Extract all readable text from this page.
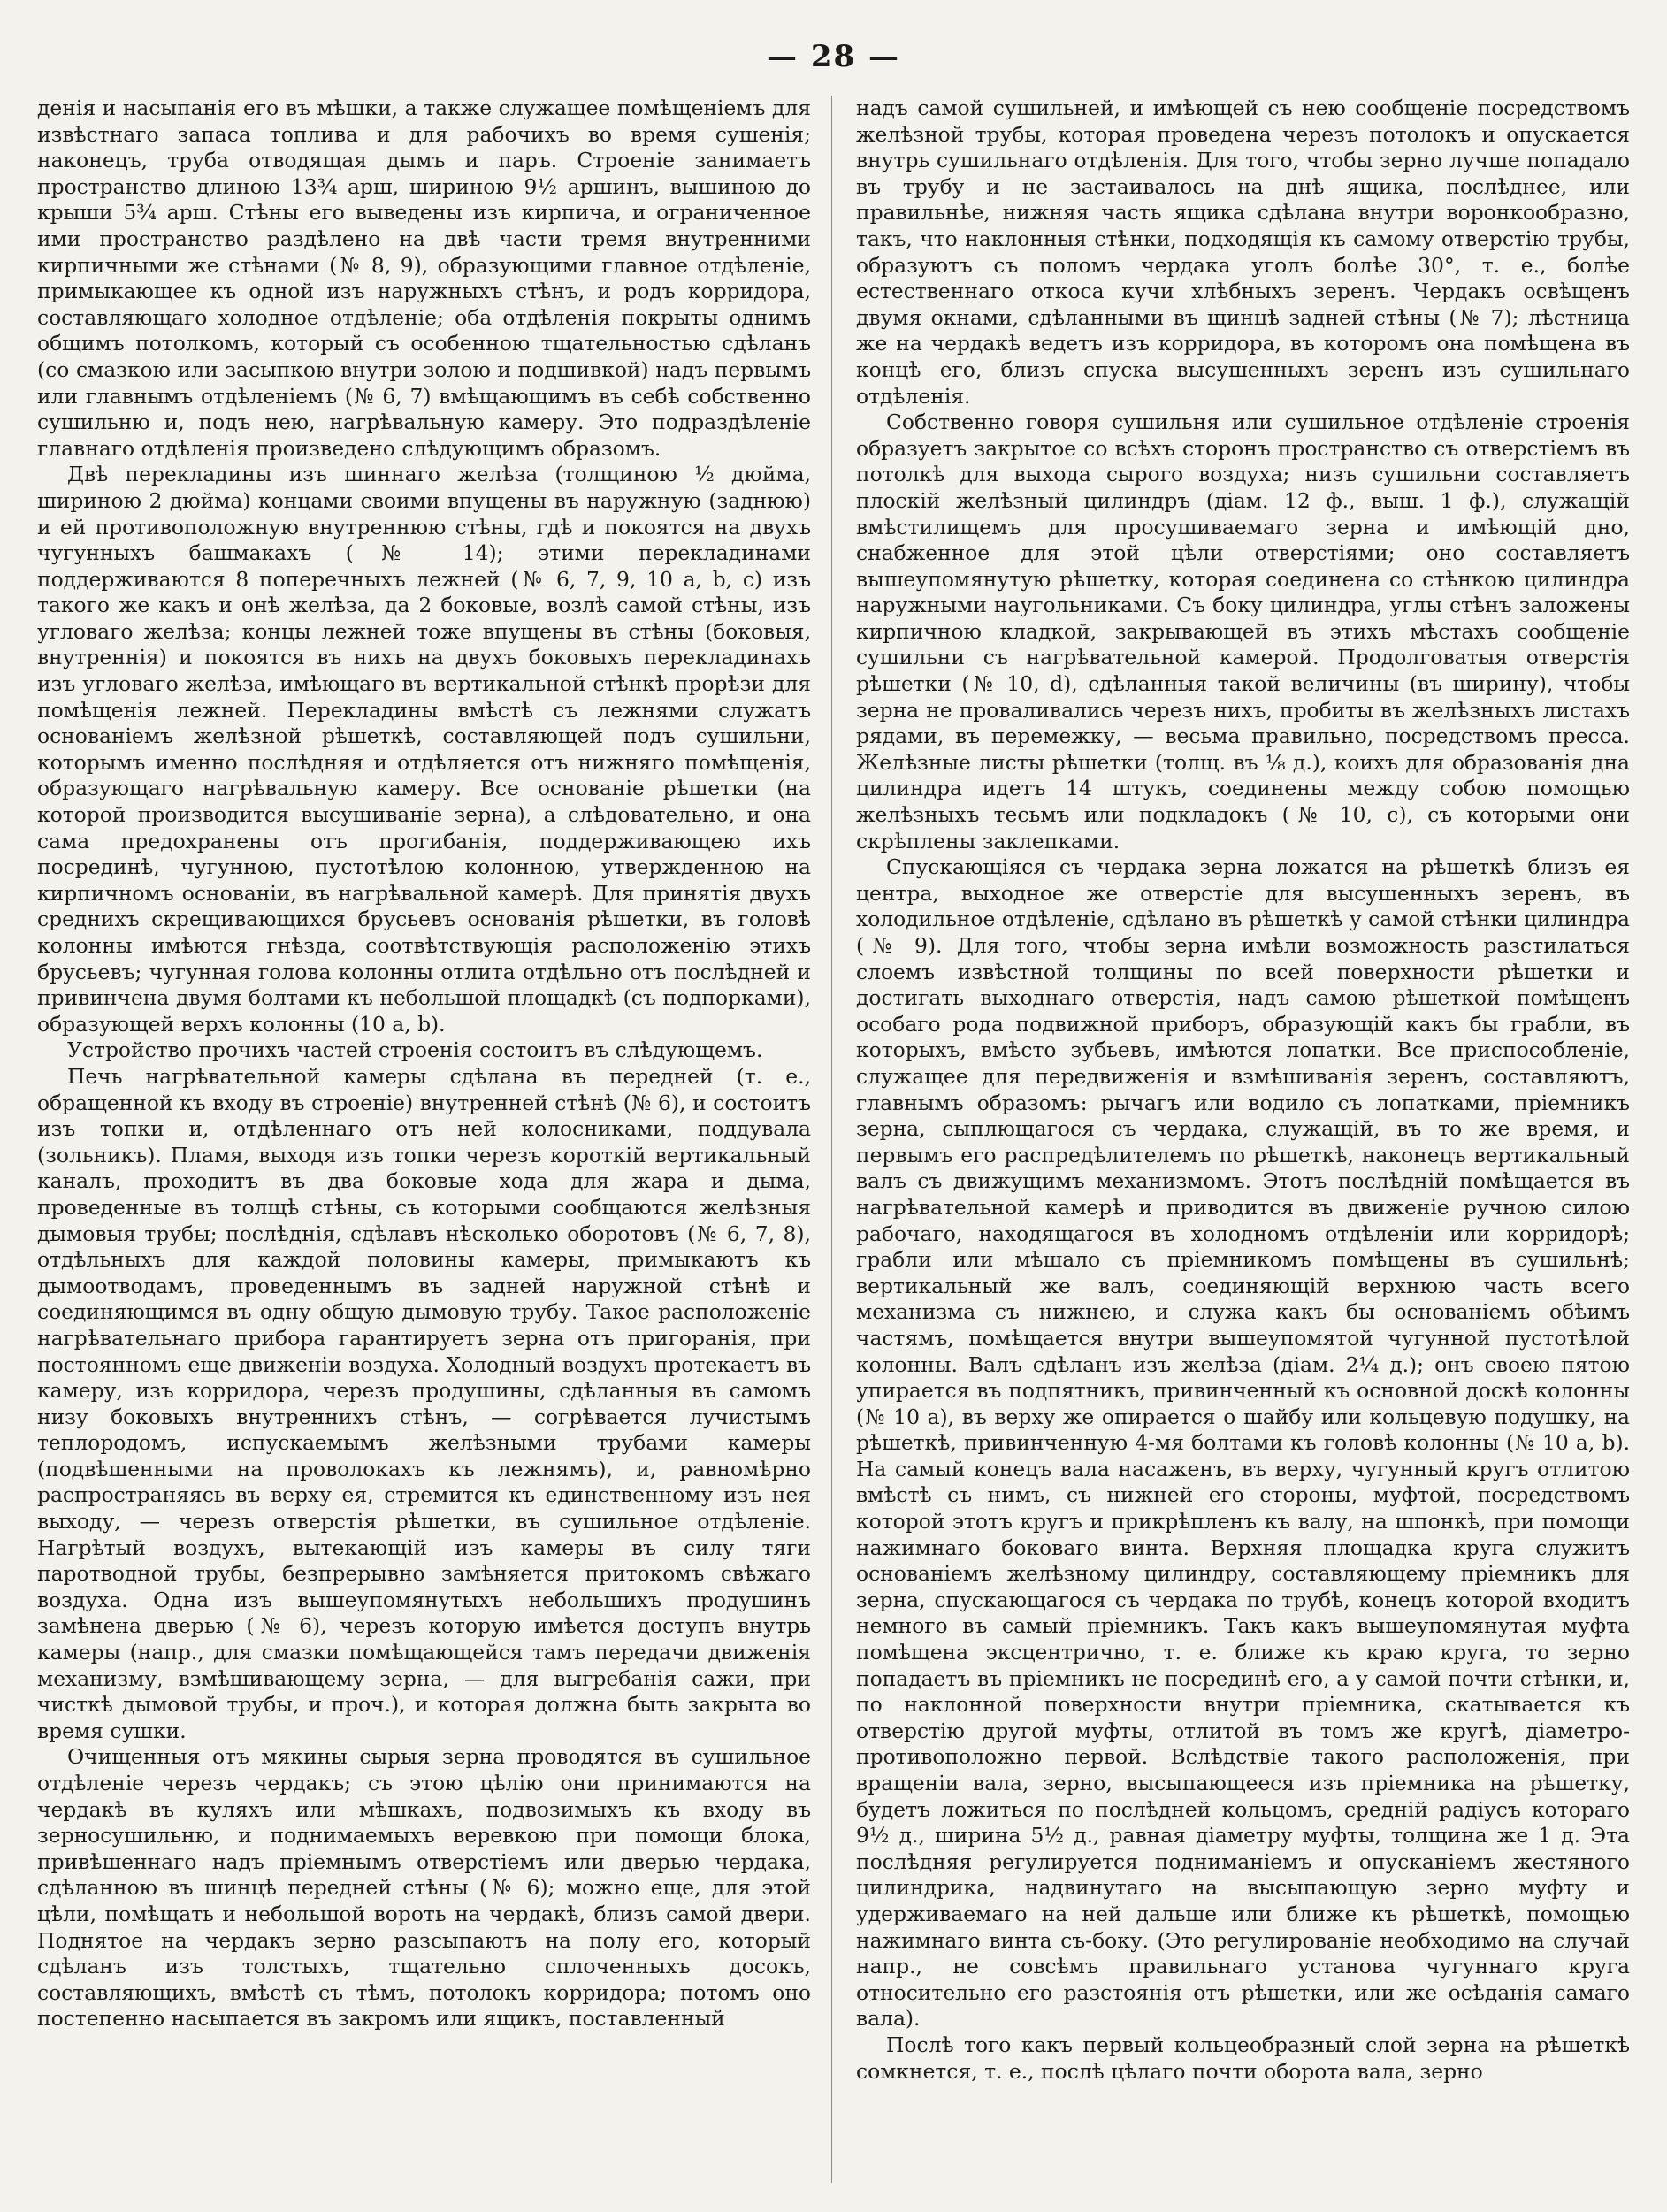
— 28 —

денія и насыпанія его въ мѣшки, а также служащее помѣщеніемъ для извѣстнаго запаса топлива и для рабочихъ во время сушенія; наконецъ, труба отводящая дымъ и паръ. Строеніе занимаетъ пространство длиною 13¾ арш, шириною 9½ аршинъ, вышиною до крыши 5¾ арш. Стѣны его выведены изъ кирпича, и ограниченное ими пространство раздѣлено на двѣ части тремя внутренними кирпичными же стѣнами (№ 8, 9), образующими главное отдѣленіе, примыкающее къ одной изъ наружныхъ стѣнъ, и родъ корридора, составляющаго холодное отдѣленіе; оба отдѣленія покрыты однимъ общимъ потолкомъ, который съ особенною тщательностью сдѣланъ (со смазкою или засыпкою внутри золою и подшивкой) надъ первымъ или главнымъ отдѣленіемъ (№ 6, 7) вмѣщающимъ въ себѣ собственно сушильню и, подъ нею, нагрѣвальную камеру. Это подраздѣленіе главнаго отдѣленія произведено слѣдующимъ образомъ.

Двѣ перекладины изъ шиннаго желѣза (толщиною ½ дюйма, шириною 2 дюйма) концами своими впущены въ наружную (заднюю) и ей противоположную внутреннюю стѣны, гдѣ и покоятся на двухъ чугунныхъ башмакахъ (№ 14); этими перекладинами поддерживаются 8 поперечныхъ лежней (№ 6, 7, 9, 10 a, b, c) изъ такого же какъ и онѣ желѣза, да 2 боковые, возлѣ самой стѣны, изъ угловаго желѣза; концы лежней тоже впущены въ стѣны (боковыя, внутреннія) и покоятся въ нихъ на двухъ боковыхъ перекладинахъ изъ угловаго желѣза, имѣющаго въ вертикальной стѣнкѣ прорѣзи для помѣщенія лежней. Перекладины вмѣстѣ съ лежнями служатъ основаніемъ желѣзной рѣшеткѣ, составляющей подъ сушильни, которымъ именно послѣдняя и отдѣляется отъ нижняго помѣщенія, образующаго нагрѣвальную камеру. Все основаніе рѣшетки (на которой производится высушиваніе зерна), а слѣдовательно, и она сама предохранены отъ прогибанія, поддерживающею ихъ посрединѣ, чугунною, пустотѣлою колонною, утвержденною на кирпичномъ основаніи, въ нагрѣвальной камерѣ. Для принятія двухъ среднихъ скрещивающихся брусьевъ основанія рѣшетки, въ головѣ колонны имѣются гнѣзда, соотвѣтствующія расположенію этихъ брусьевъ; чугунная голова колонны отлита отдѣльно отъ послѣдней и привинчена двумя болтами къ небольшой площадкѣ (съ подпорками), образующей верхъ колонны (10 a, b).

Устройство прочихъ частей строенія состоитъ въ слѣдующемъ.

Печь нагрѣвательной камеры сдѣлана въ передней (т. е., обращенной къ входу въ строеніе) внутренней стѣнѣ (№ 6), и состоитъ изъ топки и, отдѣленнаго отъ ней колосниками, поддувала (зольникъ). Пламя, выходя изъ топки черезъ короткій вертикальный каналъ, проходитъ въ два боковые хода для жара и дыма, проведенные въ толщѣ стѣны, съ которыми сообщаются желѣзныя дымовыя трубы; послѣднія, сдѣлавъ нѣсколько оборотовъ (№ 6, 7, 8), отдѣльныхъ для каждой половины камеры, примыкаютъ къ дымоотводамъ, проведеннымъ въ задней наружной стѣнѣ и соединяющимся въ одну общую дымовую трубу. Такое расположеніе нагрѣвательнаго прибора гарантируетъ зерна отъ пригоранія, при постоянномъ еще движеніи воздуха. Холодный воздухъ протекаетъ въ камеру, изъ корридора, черезъ продушины, сдѣланныя въ самомъ низу боковыхъ внутреннихъ стѣнъ, — согрѣвается лучистымъ теплородомъ, испускаемымъ желѣзными трубами камеры (подвѣшенными на проволокахъ къ лежнямъ), и, равномѣрно распространяясь въ верху ея, стремится къ единственному изъ нея выходу, — черезъ отверстія рѣшетки, въ сушильное отдѣленіе. Нагрѣтый воздухъ, вытекающій изъ камеры въ силу тяги паротводной трубы, безпрерывно замѣняется притокомъ свѣжаго воздуха. Одна изъ вышеупомянутыхъ небольшихъ продушинъ замѣнена дверью (№ 6), черезъ которую имѣется доступъ внутрь камеры (напр., для смазки помѣщающейся тамъ передачи движенія механизму, взмѣшивающему зерна, — для выгребанія сажи, при чисткѣ дымовой трубы, и проч.), и которая должна быть закрыта во время сушки.

Очищенныя отъ мякины сырыя зерна проводятся въ сушильное отдѣленіе черезъ чердакъ; съ этою цѣлію они принимаются на чердакѣ въ куляхъ или мѣшкахъ, подвозимыхъ къ входу въ зерносушильню, и поднимаемыхъ веревкою при помощи блока, привѣшеннаго надъ пріемнымъ отверстіемъ или дверью чердака, сдѣланною въ шинцѣ передней стѣны (№ 6); можно еще, для этой цѣли, помѣщать и небольшой вороть на чердакѣ, близъ самой двери. Поднятое на чердакъ зерно разсыпаютъ на полу его, который сдѣланъ изъ толстыхъ, тщательно сплоченныхъ досокъ, составляющихъ, вмѣстѣ съ тѣмъ, потолокъ корридора; потомъ оно постепенно насыпается въ закромъ или ящикъ, поставленный

надъ самой сушильней, и имѣющей съ нею сообщеніе посредствомъ желѣзной трубы, которая проведена черезъ потолокъ и опускается внутрь сушильнаго отдѣленія. Для того, чтобы зерно лучше попадало въ трубу и не застаивалось на днѣ ящика, послѣднее, или правильнѣе, нижняя часть ящика сдѣлана внутри воронкообразно, такъ, что наклонныя стѣнки, подходящія къ самому отверстію трубы, образуютъ съ поломъ чердака уголъ болѣе 30°, т. е., болѣе естественнаго откоса кучи хлѣбныхъ зеренъ. Чердакъ освѣщенъ двумя окнами, сдѣланными въ щинцѣ задней стѣны (№ 7); лѣстница же на чердакѣ ведетъ изъ корридора, въ которомъ она помѣщена въ концѣ его, близъ спуска высушенныхъ зеренъ изъ сушильнаго отдѣленія.

Собственно говоря сушильня или сушильное отдѣленіе строенія образуетъ закрытое со всѣхъ сторонъ пространство съ отверстіемъ въ потолкѣ для выхода сырого воздуха; низъ сушильни составляетъ плоскій желѣзный цилиндръ (діам. 12 ф., выш. 1 ф.), служащій вмѣстилищемъ для просушиваемаго зерна и имѣющій дно, снабженное для этой цѣли отверстіями; оно составляетъ вышеупомянутую рѣшетку, которая соединена со стѣнкою цилиндра наружными наугольниками. Съ боку цилиндра, углы стѣнъ заложены кирпичною кладкой, закрывающей въ этихъ мѣстахъ сообщеніе сушильни съ нагрѣвательной камерой. Продолговатыя отверстія рѣшетки (№ 10, d), сдѣланныя такой величины (въ ширину), чтобы зерна не проваливались черезъ нихъ, пробиты въ желѣзныхъ листахъ рядами, въ перемежку, — весьма правильно, посредствомъ пресса. Желѣзные листы рѣшетки (толщ. въ ⅛ д.), коихъ для образованія дна цилиндра идетъ 14 штукъ, соединены между собою помощью желѣзныхъ тесьмъ или подкладокъ (№ 10, c), съ которыми они скрѣплены заклепками.

Спускающіяся съ чердака зерна ложатся на рѣшеткѣ близъ ея центра, выходное же отверстіе для высушенныхъ зеренъ, въ холодильное отдѣленіе, сдѣлано въ рѣшеткѣ у самой стѣнки цилиндра (№ 9). Для того, чтобы зерна имѣли возможность разстилаться слоемъ извѣстной толщины по всей поверхности рѣшетки и достигать выходнаго отверстія, надъ самою рѣшеткой помѣщенъ особаго рода подвижной приборъ, образующій какъ бы грабли, въ которыхъ, вмѣсто зубьевъ, имѣются лопатки. Все приспособленіе, служащее для передвиженія и взмѣшиванія зеренъ, составляютъ, главнымъ образомъ: рычагъ или водило съ лопатками, пріемникъ зерна, сыплющагося съ чердака, служащій, въ то же время, и первымъ его распредѣлителемъ по рѣшеткѣ, наконецъ вертикальный валъ съ движущимъ механизмомъ. Этотъ послѣдній помѣщается въ нагрѣвательной камерѣ и приводится въ движеніе ручною силою рабочаго, находящагося въ холодномъ отдѣленіи или корридорѣ; грабли или мѣшало съ пріемникомъ помѣщены въ сушильнѣ; вертикальный же валъ, соединяющій верхнюю часть всего механизма съ нижнею, и служа какъ бы основаніемъ обѣимъ частямъ, помѣщается внутри вышеупомятой чугунной пустотѣлой колонны. Валъ сдѣланъ изъ желѣза (діам. 2¼ д.); онъ своею пятою упирается въ подпятникъ, привинченный къ основной доскѣ колонны (№ 10 a), въ верху же опирается о шайбу или кольцевую подушку, на рѣшеткѣ, привинченную 4-мя болтами къ головѣ колонны (№ 10 a, b). На самый конецъ вала насаженъ, въ верху, чугунный кругъ отлитою вмѣстѣ съ нимъ, съ нижней его стороны, муфтой, посредствомъ которой этотъ кругъ и прикрѣпленъ къ валу, на шпонкѣ, при помощи нажимнаго боковаго винта. Верхняя площадка круга служитъ основаніемъ желѣзному цилиндру, составляющему пріемникъ для зерна, спускающагося съ чердака по трубѣ, конецъ которой входитъ немного въ самый пріемникъ. Такъ какъ вышеупомянутая муфта помѣщена эксцентрично, т. е. ближе къ краю круга, то зерно попадаетъ въ пріемникъ не посрединѣ его, а у самой почти стѣнки, и, по наклонной поверхности внутри пріемника, скатывается къ отверстію другой муфты, отлитой въ томъ же кругѣ, діаметро-противоположно первой. Вслѣдствіе такого расположенія, при вращеніи вала, зерно, высыпающееся изъ пріемника на рѣшетку, будетъ ложиться по послѣдней кольцомъ, средній радіусъ котораго 9½ д., ширина 5½ д., равная діаметру муфты, толщина же 1 д. Эта послѣдняя регулируется подниманіемъ и опусканіемъ жестяного цилиндрика, надвинутаго на высыпающую зерно муфту и удерживаемаго на ней дальше или ближе къ рѣшеткѣ, помощью нажимнаго винта съ-боку. (Это регулированіе необходимо на случай напр., не совсѣмъ правильнаго установа чугуннаго круга относительно его разстоянія отъ рѣшетки, или же осѣданія самаго вала).

Послѣ того какъ первый кольцеобразный слой зерна на рѣшеткѣ сомкнется, т. е., послѣ цѣлаго почти оборота вала, зерно
